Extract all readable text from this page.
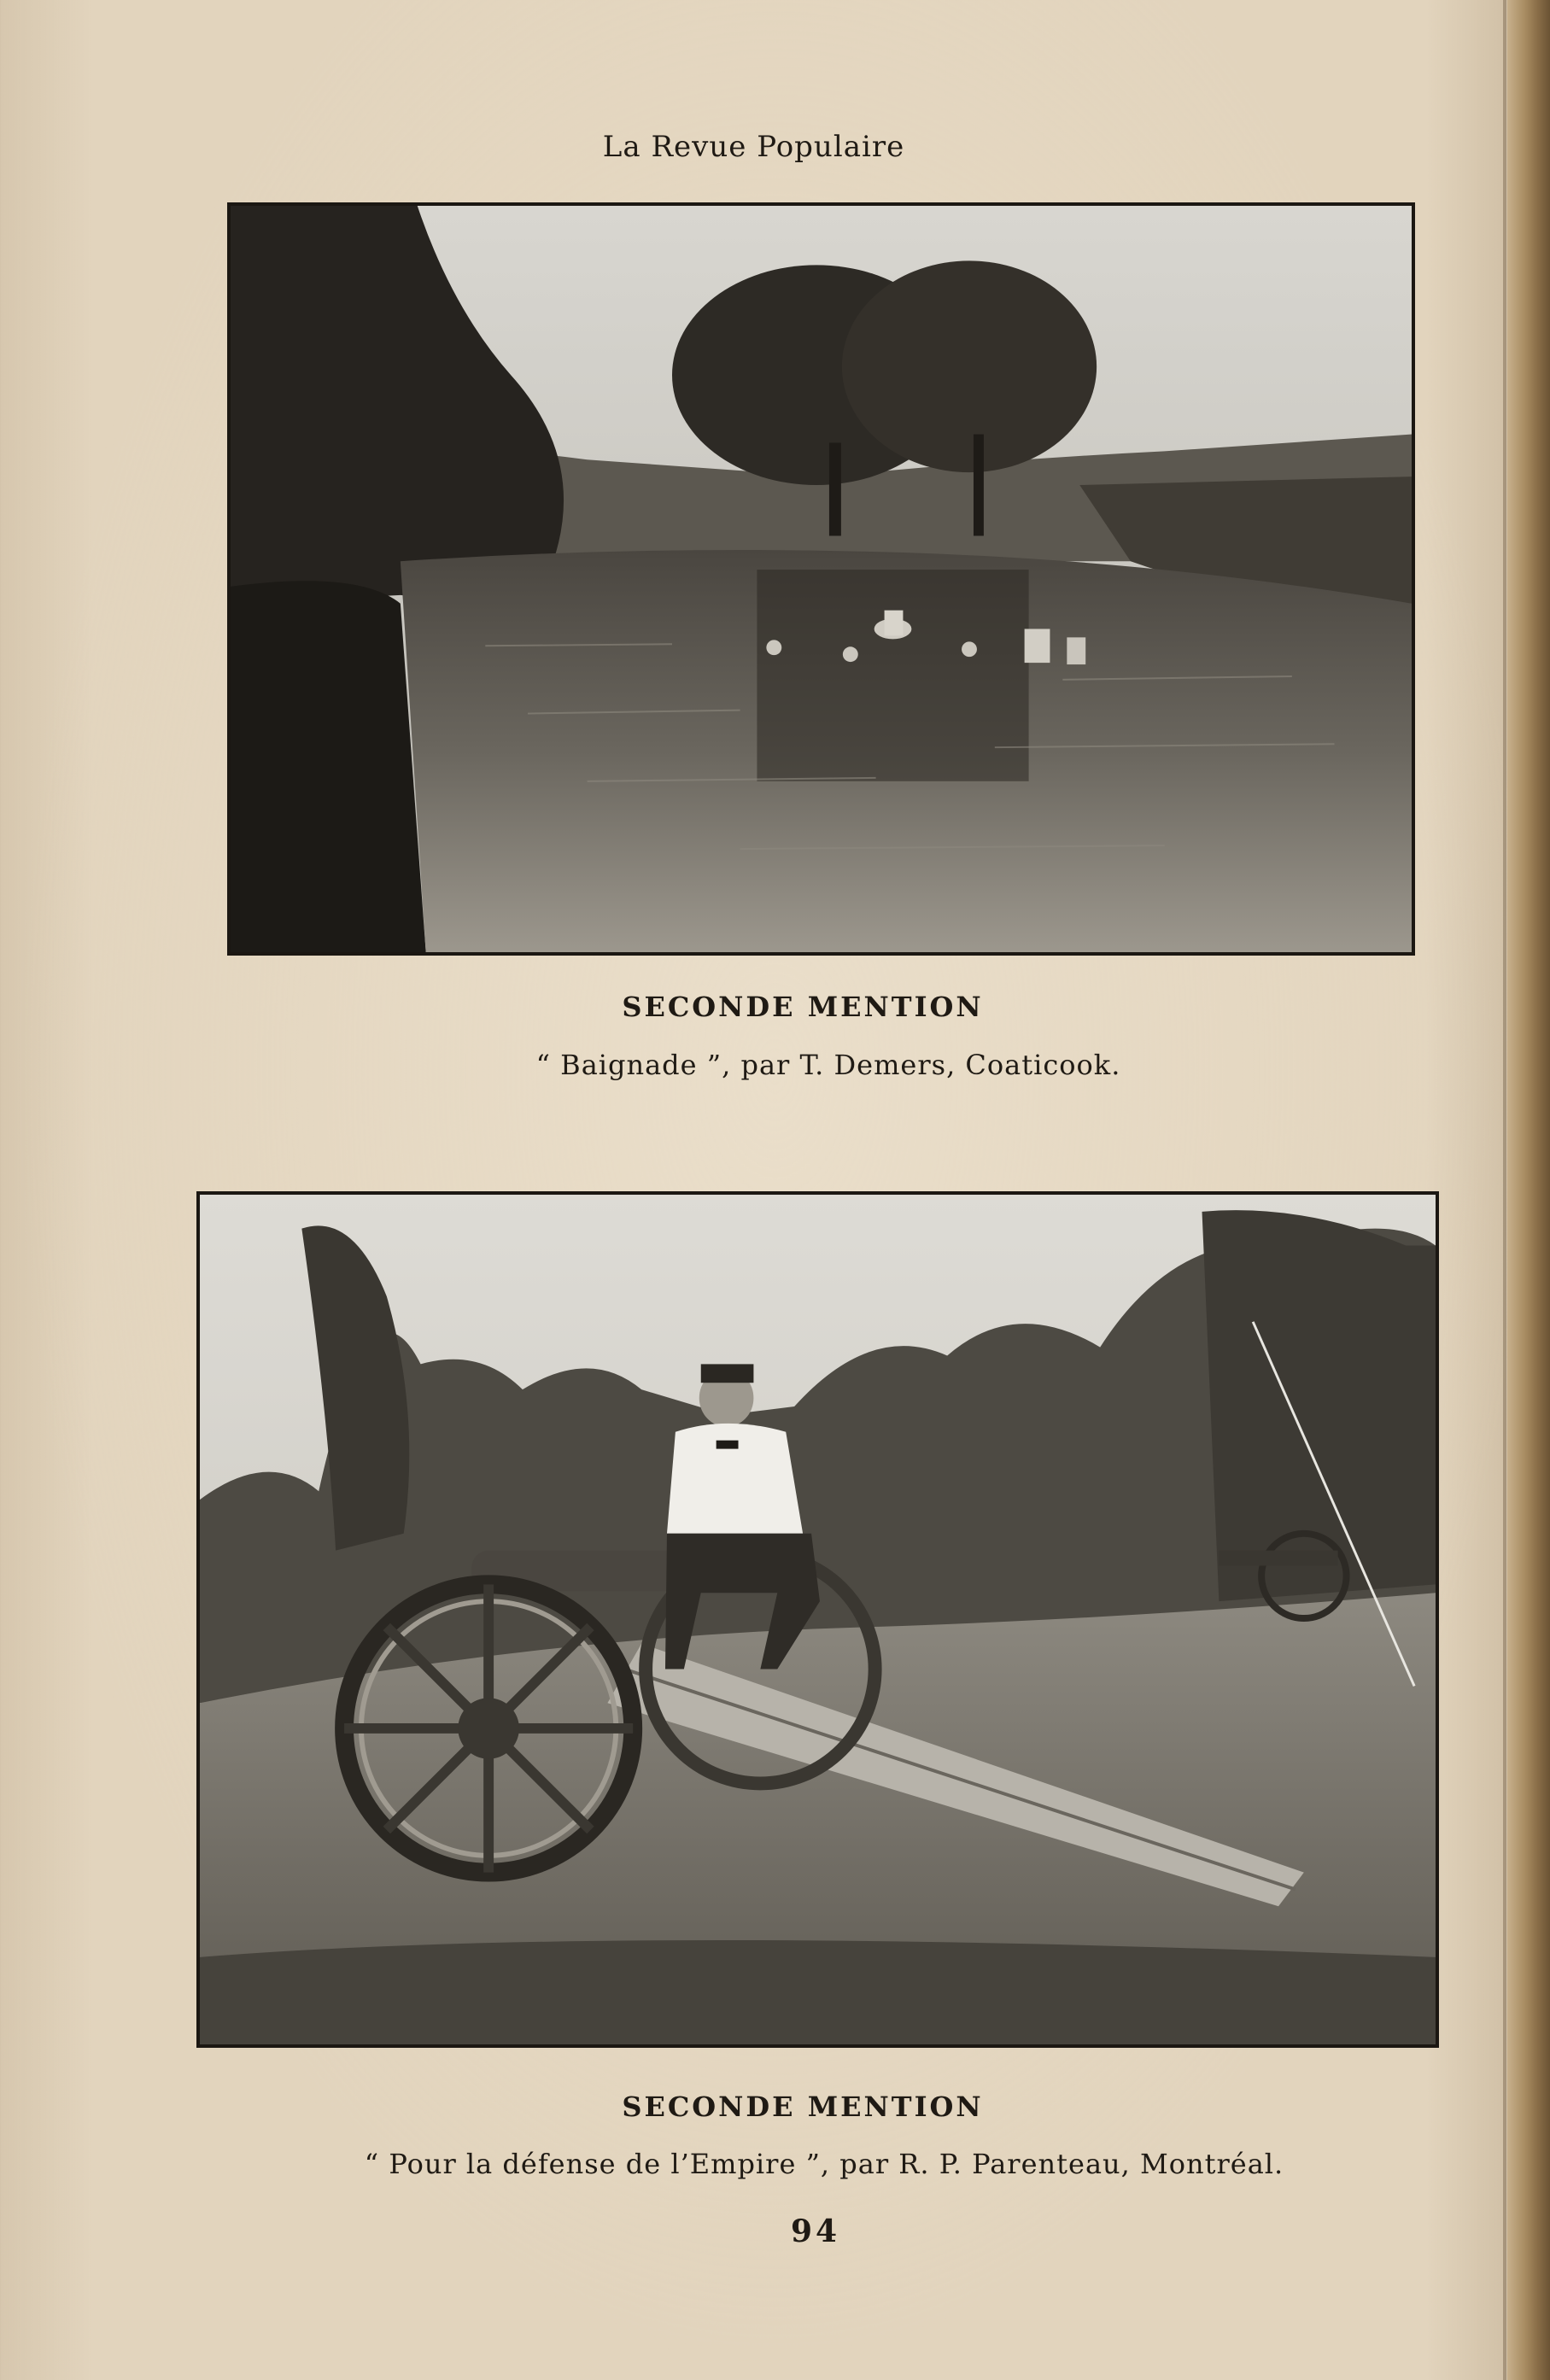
La Revue Populaire
SECONDE MENTION
“ Baignade ”, par T. Demers, Coaticook.
SECONDE MENTION
“ Pour la défense de l’Empire ”, par R. P. Parenteau, Montréal.
94
